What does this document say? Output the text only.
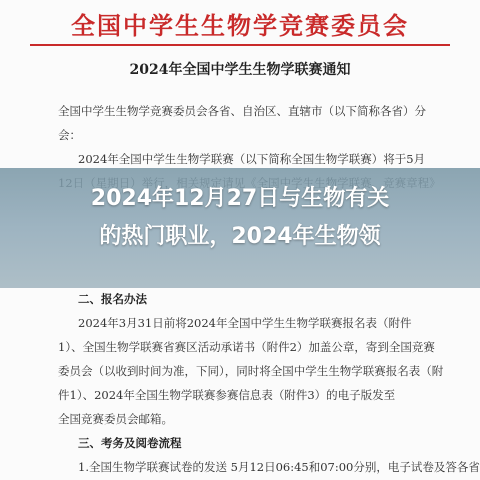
全国中学生生物学竞赛委员会
2024年全国中学生生物学联赛通知
全国中学生生物学竞赛委员会各省、自治区、直辖市（以下简称各省）分
会：
2024年全国中学生生物学联赛（以下简称全国生物学联赛）将于5月
二、报名办法
2024年3月31日前将2024年全国中学生生物学联赛报名表（附件
1）、全国生物学联赛省赛区活动承诺书（附件2）加盖公章，寄到全国竞赛
委员会（以收到时间为准，下同），同时将全国中学生生物学联赛报名表（附
件1）、2024年全国生物学联赛参赛信息表（附件3）的电子版发至
全国竞赛委员会邮箱。
三、考务及阅卷流程
1.全国生物学联赛试卷的发送 5月12日06:45和07:00分别，电子试卷及答各省
2024年12月27日与生物有关
的热门职业，2024年生物领
